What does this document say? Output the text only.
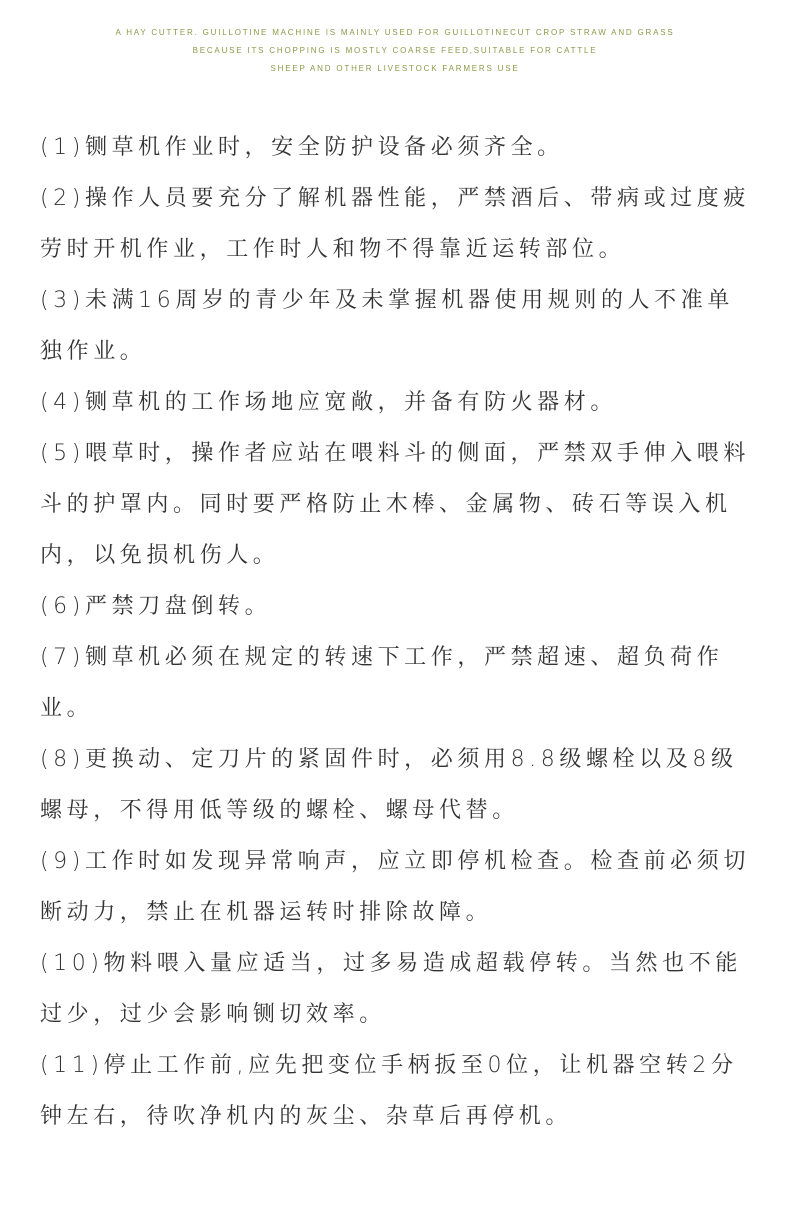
A HAY CUTTER. GUILLOTINE MACHINE IS MAINLY USED FOR GUILLOTINECUT CROP STRAW AND GRASS
BECAUSE ITS CHOPPING IS MOSTLY COARSE FEED,SUITABLE FOR CATTLE
SHEEP AND OTHER LIVESTOCK FARMERS USE

(1)铡草机作业时，安全防护设备必须齐全。

(2)操作人员要充分了解机器性能，严禁酒后、带病或过度疲劳时开机作业，工作时人和物不得靠近运转部位。

(3)未满16周岁的青少年及未掌握机器使用规则的人不准单独作业。

(4)铡草机的工作场地应宽敞，并备有防火器材。

(5)喂草时，操作者应站在喂料斗的侧面，严禁双手伸入喂料斗的护罩内。同时要严格防止木棒、金属物、砖石等误入机内，以免损机伤人。

(6)严禁刀盘倒转。

(7)铡草机必须在规定的转速下工作，严禁超速、超负荷作业。

(8)更换动、定刀片的紧固件时，必须用8.8级螺栓以及8级螺母，不得用低等级的螺栓、螺母代替。

(9)工作时如发现异常响声，应立即停机检查。检查前必须切断动力，禁止在机器运转时排除故障。

(10)物料喂入量应适当，过多易造成超载停转。当然也不能过少，过少会影响铡切效率。

(11)停止工作前,应先把变位手柄扳至0位，让机器空转2分钟左右，待吹净机内的灰尘、杂草后再停机。
